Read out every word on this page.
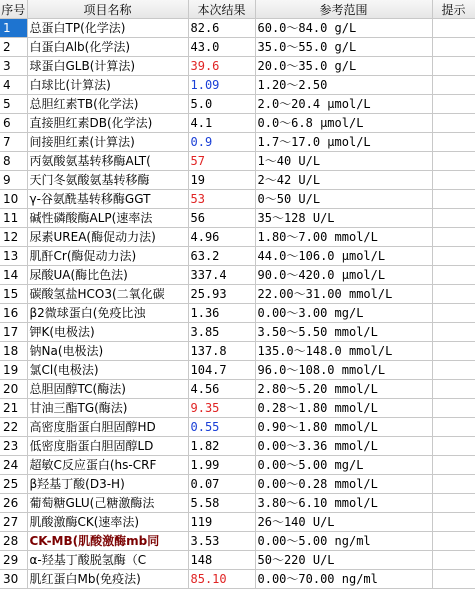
序号	项目名称	本次结果	参考范围	提示
1	总蛋白TP(化学法)	82.6	60.0～84.0 g/L	
2	白蛋白Alb(化学法)	43.0	35.0～55.0 g/L	
3	球蛋白GLB(计算法)	39.6	20.0～35.0 g/L	
4	白球比(计算法)	1.09	1.20～2.50	
5	总胆红素TB(化学法)	5.0	2.0～20.4 μmol/L	
6	直接胆红素DB(化学法)	4.1	0.0～6.8 μmol/L	
7	间接胆红素(计算法)	0.9	1.7～17.0 μmol/L	
8	丙氨酸氨基转移酶ALT(	57	1～40 U/L	
9	天门冬氨酸氨基转移酶	19	2～42 U/L	
10	γ-谷氨酰基转移酶GGT	53	0～50 U/L	
11	碱性磷酸酶ALP(速率法	56	35～128 U/L	
12	尿素UREA(酶促动力法)	4.96	1.80～7.00 mmol/L	
13	肌酐Cr(酶促动力法)	63.2	44.0～106.0 μmol/L	
14	尿酸UA(酶比色法)	337.4	90.0～420.0 μmol/L	
15	碳酸氢盐HCO3(二氧化碳	25.93	22.00～31.00 mmol/L	
16	β2微球蛋白(免疫比浊	1.36	0.00～3.00 mg/L	
17	钾K(电极法)	3.85	3.50～5.50 mmol/L	
18	钠Na(电极法)	137.8	135.0～148.0 mmol/L	
19	氯Cl(电极法)	104.7	96.0～108.0 mmol/L	
20	总胆固醇TC(酶法)	4.56	2.80～5.20 mmol/L	
21	甘油三酯TG(酶法)	9.35	0.28～1.80 mmol/L	
22	高密度脂蛋白胆固醇HD	0.55	0.90～1.80 mmol/L	
23	低密度脂蛋白胆固醇LD	1.82	0.00～3.36 mmol/L	
24	超敏C反应蛋白(hs-CRF	1.99	0.00～5.00 mg/L	
25	β羟基丁酸(D3-H)	0.07	0.00～0.28 mmol/L	
26	葡萄糖GLU(己糖激酶法	5.58	3.80～6.10 mmol/L	
27	肌酸激酶CK(速率法)	119	26～140 U/L	
28	CK-MB(肌酸激酶mb同	3.53	0.00～5.00 ng/ml	
29	α-羟基丁酸脱氢酶（C	148	50～220 U/L	
30	肌红蛋白Mb(免疫法)	85.10	0.00～70.00 ng/ml	
